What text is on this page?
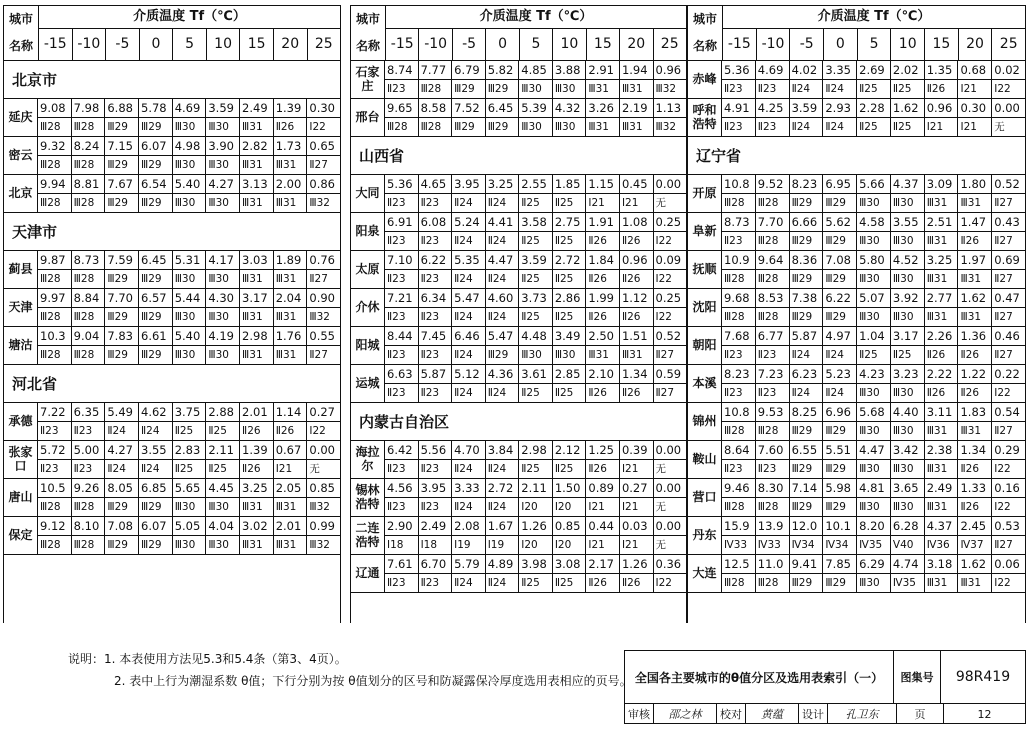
城市
名称
介质温度 Tf（℃）
-15 -10	-5	0	5	10	15	20	25
北京市
延庆
9.08 7.98 6.88 5.78 4.69 3.59 2.49 1.39 0.30
Ⅲ28	Ⅲ28	Ⅲ29	Ⅲ29	Ⅲ30	Ⅲ30	Ⅲ31	Ⅱ26	Ⅰ22
密云
9.32 8.24 7.15 6.07 4.98 3.90 2.82 1.73 0.65
Ⅲ28	Ⅲ28	Ⅲ29	Ⅲ29	Ⅲ30	Ⅲ30	Ⅲ31	Ⅲ31	Ⅱ27
北京
9.94 8.81 7.67 6.54 5.40 4.27 3.13 2.00 0.86
Ⅲ28	Ⅲ28	Ⅲ29	Ⅲ29	Ⅲ30	Ⅲ30	Ⅲ31	Ⅲ31	Ⅲ32
天津市
蓟县
9.87 8.73 7.59 6.45 5.31 4.17 3.03 1.89 0.76
Ⅲ28	Ⅲ28	Ⅲ29	Ⅲ29	Ⅲ30	Ⅲ30	Ⅲ31	Ⅲ31	Ⅱ27
天津
9.97 8.84 7.70 6.57 5.44 4.30 3.17 2.04 0.90
Ⅲ28	Ⅲ28	Ⅲ29	Ⅲ29	Ⅲ30	Ⅲ30	Ⅲ31	Ⅲ31	Ⅲ32
塘沽
10.3 9.04 7.83 6.61 5.40 4.19 2.98 1.76 0.55
Ⅲ28	Ⅲ28	Ⅲ29	Ⅲ29	Ⅲ30	Ⅲ30	Ⅲ31	Ⅲ31	Ⅱ27
河北省
承德
7.22 6.35 5.49 4.62 3.75 2.88 2.01 1.14 0.27
Ⅱ23	Ⅱ23	Ⅱ24	Ⅱ24	Ⅱ25	Ⅱ25	Ⅱ26	Ⅱ26	Ⅰ22
张家口
5.72 5.00 4.27 3.55 2.83 2.11 1.39 0.67 0.00
Ⅱ23	Ⅱ23	Ⅱ24	Ⅱ24	Ⅱ25	Ⅱ25	Ⅱ26	Ⅰ21	无
唐山
10.5 9.26 8.05 6.85 5.65 4.45 3.25 2.05 0.85
Ⅲ28	Ⅲ28	Ⅲ29	Ⅲ29	Ⅲ30	Ⅲ30	Ⅲ31	Ⅲ31	Ⅲ32
保定
9.12 8.10 7.08 6.07 5.05 4.04 3.02 2.01 0.99
Ⅲ28	Ⅲ28	Ⅲ29	Ⅲ29	Ⅲ30	Ⅲ30	Ⅲ31	Ⅲ31	Ⅲ32
城市
名称
介质温度 Tf（℃）
-15 -10	-5	0	5	10	15	20	25
石家庄
8.74 7.77 6.79 5.82 4.85 3.88 2.91 1.94 0.96
Ⅱ23	Ⅲ28	Ⅲ29	Ⅲ29	Ⅲ30	Ⅲ30	Ⅲ31	Ⅲ31	Ⅲ32
邢台
9.65 8.58 7.52 6.45 5.39 4.32 3.26 2.19 1.13
Ⅲ28	Ⅲ28	Ⅲ29	Ⅲ29	Ⅲ30	Ⅲ30	Ⅲ31	Ⅲ31	Ⅲ32
山西省
大同
5.36 4.65 3.95 3.25 2.55 1.85 1.15 0.45 0.00
Ⅱ23	Ⅱ23	Ⅱ24	Ⅱ24	Ⅱ25	Ⅱ25	Ⅰ21	Ⅰ21	无
阳泉
6.91 6.08 5.24 4.41 3.58 2.75 1.91 1.08 0.25
Ⅱ23	Ⅱ23	Ⅱ24	Ⅱ24	Ⅱ25	Ⅱ25	Ⅱ26	Ⅱ26	Ⅰ22
太原
7.10 6.22 5.35 4.47 3.59 2.72 1.84 0.96 0.09
Ⅱ23	Ⅱ23	Ⅱ24	Ⅱ24	Ⅱ25	Ⅱ25	Ⅱ26	Ⅱ26	Ⅰ22
介休
7.21 6.34 5.47 4.60 3.73 2.86 1.99 1.12 0.25
Ⅱ23	Ⅱ23	Ⅱ24	Ⅱ24	Ⅱ25	Ⅱ25	Ⅱ26	Ⅱ26	Ⅰ22
阳城
8.44 7.45 6.46 5.47 4.48 3.49 2.50 1.51 0.52
Ⅱ23	Ⅱ23	Ⅱ24	Ⅲ29	Ⅲ30	Ⅲ30	Ⅲ31	Ⅲ31	Ⅱ27
运城
6.63 5.87 5.12 4.36 3.61 2.85 2.10 1.34 0.59
Ⅱ23	Ⅱ23	Ⅱ24	Ⅱ24	Ⅱ25	Ⅱ25	Ⅱ26	Ⅱ26	Ⅱ27
内蒙古自治区
海拉尔
6.42 5.56 4.70 3.84 2.98 2.12 1.25 0.39 0.00
Ⅱ23	Ⅱ23	Ⅱ24	Ⅱ24	Ⅱ25	Ⅱ25	Ⅱ26	Ⅰ21	无
锡林浩特
4.56 3.95 3.33 2.72 2.11 1.50 0.89 0.27 0.00
Ⅱ23	Ⅱ23	Ⅱ24	Ⅱ24	Ⅰ20	Ⅰ20	Ⅰ21	Ⅰ21	无
二连浩特
2.90 2.49 2.08 1.67 1.26 0.85 0.44 0.03 0.00
Ⅰ18	Ⅰ18	Ⅰ19	Ⅰ19	Ⅰ20	Ⅰ20	Ⅰ21	Ⅰ21	无
辽通
7.61 6.70 5.79 4.89 3.98 3.08 2.17 1.26 0.36
Ⅱ23	Ⅱ23	Ⅱ24	Ⅱ24	Ⅱ25	Ⅱ25	Ⅱ26	Ⅱ26	Ⅰ22
城市
名称
介质温度 Tf（℃）
-15 -10	-5	0	5	10	15	20	25
赤峰
5.36 4.69 4.02 3.35 2.69 2.02 1.35 0.68 0.02
Ⅱ23	Ⅱ23	Ⅱ24	Ⅱ24	Ⅱ25	Ⅱ25	Ⅱ26	Ⅰ21	Ⅰ22
呼和浩特
4.91 4.25 3.59 2.93 2.28 1.62 0.96 0.30 0.00
Ⅱ23	Ⅱ23	Ⅱ24	Ⅱ24	Ⅱ25	Ⅱ25	Ⅰ21	Ⅰ21	无
辽宁省
开原
10.8 9.52 8.23 6.95 5.66 4.37 3.09 1.80 0.52
Ⅲ28	Ⅲ28	Ⅲ29	Ⅲ29	Ⅲ30	Ⅲ30	Ⅲ31	Ⅲ31	Ⅱ27
阜新
8.73 7.70 6.66 5.62 4.58 3.55 2.51 1.47 0.43
Ⅱ23	Ⅲ28	Ⅲ29	Ⅲ29	Ⅲ30	Ⅲ30	Ⅲ31	Ⅱ26	Ⅱ27
抚顺
10.9 9.64 8.36 7.08 5.80 4.52 3.25 1.97 0.69
Ⅲ28	Ⅲ28	Ⅲ29	Ⅲ29	Ⅲ30	Ⅲ30	Ⅲ31	Ⅲ31	Ⅱ27
沈阳
9.68 8.53 7.38 6.22 5.07 3.92 2.77 1.62 0.47
Ⅲ28	Ⅲ28	Ⅲ29	Ⅲ29	Ⅲ30	Ⅲ30	Ⅲ31	Ⅲ31	Ⅱ27
朝阳
7.68 6.77 5.87 4.97 1.04 3.17 2.26 1.36 0.46
Ⅱ23	Ⅱ23	Ⅱ24	Ⅱ24	Ⅱ25	Ⅱ25	Ⅱ26	Ⅱ26	Ⅱ27
本溪
8.23 7.23 6.23 5.23 4.23 3.23 2.22 1.22 0.22
Ⅱ23	Ⅱ23	Ⅱ24	Ⅱ24	Ⅲ30	Ⅲ30	Ⅱ26	Ⅱ26	Ⅰ22
锦州
10.8 9.53 8.25 6.96 5.68 4.40 3.11 1.83 0.54
Ⅲ28	Ⅲ28	Ⅲ29	Ⅲ29	Ⅲ30	Ⅲ30	Ⅲ31	Ⅲ31	Ⅱ27
鞍山
8.64 7.60 6.55 5.51 4.47 3.42 2.38 1.34 0.29
Ⅱ23	Ⅱ23	Ⅲ29	Ⅲ29	Ⅲ30	Ⅲ30	Ⅲ31	Ⅱ26	Ⅰ22
营口
9.46 8.30 7.14 5.98 4.81 3.65 2.49 1.33 0.16
Ⅲ28	Ⅲ28	Ⅲ29	Ⅲ29	Ⅲ30	Ⅲ30	Ⅲ31	Ⅱ26	Ⅰ22
丹东
15.9 13.9 12.0 10.1 8.20 6.28 4.37 2.45 0.53
Ⅳ33	Ⅳ33	Ⅳ34	Ⅳ34	Ⅳ35	Ⅴ40	Ⅳ36	Ⅳ37	Ⅱ27
大连
12.5 11.0 9.41 7.85 6.29 4.74 3.18 1.62 0.06
Ⅲ28	Ⅲ28	Ⅲ29	Ⅲ29	Ⅲ30	Ⅳ35	Ⅲ31	Ⅲ31	Ⅰ22
说明：1. 本表使用方法见5.3和5.4条（第3、4页）。
2. 表中上行为潮湿系数 θ值；下行分别为按 θ值划分的区号和防凝露保冷厚度选用表相应的页号。 全国各主要城市的θ值分区及选用表索引（一）	图集号	98R419
审核	邵之林	校对	黄蕴	设计	孔卫东	页	12
